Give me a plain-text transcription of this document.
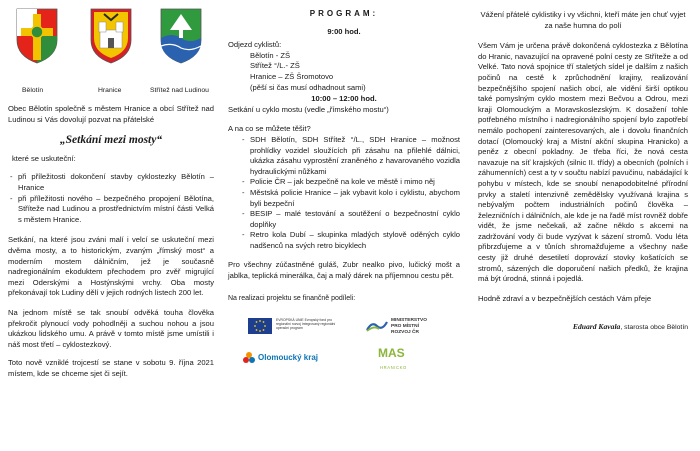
Bělotín	Hranice	Střítež nad Ludinou

Obec Bělotín společně s městem Hranice a obcí Střítež nad Ludinou si Vás dovolují pozvat na přátelské

„Setkání mezi mosty“

které se uskuteční:

- při příležitosti dokončení stavby cyklostezky Bělotín – Hranice
- při příležitosti nového – bezpečného propojení Bělotína, Stříteže nad Ludinou a prostřednictvím místní části Velká s městem Hranice.

Setkání, na které jsou zváni malí i velcí se uskuteční mezi dvěma mosty, a to historickým, zvaným „římský most“ a moderním mostem dálničním, jež je současně nadregionálním ekoduktem přechodem pro zvěř migrující mezi Oderskými a Hostýnskými vrchy. Oba mosty překonávají tok Ludiny dělí v jejich rodných listech 200 let.

Na jednom místě se tak snoubí odvěká touha člověka překročit plynoucí vody pohodlněji a suchou nohou a jsou ukázkou lidského umu. A právě v tomto místě jsme umístili i náš most třetí – cyklostezkový.

Toto nově vzniklé trojcestí se stane v sobotu 9. října 2021 místem, kde se chceme sjet či sejít.

PROGRAM:
9:00 hod.

Odjezd cyklistů:

Bělotín - ZŠ

Střítež °/L.- ZŠ

Hranice – ZŠ Šromotovo

(pěší si čas musí odhadnout sami)

10:00 – 12:00 hod.

Setkání u cyklo mostu (vedle „římského mostu“)

A na co se můžete těšit?

- SDH Bělotín, SDH Střítež °/L., SDH Hranice – možnost prohlídky vozidel sloužících při zásahu na přilehlé dálnici, ukázka zásahu vyprostění zraněného z havarovaného vozidla hydraulickými nůžkami
- Policie ČR – jak bezpečně na kole ve městě i mimo něj
- Městská policie Hranice – jak vybavit kolo i cyklistu, abychom byli bezpeční
- BESIP – malé testování a soutěžení o bezpečnostní cyklo doplňky
- Retro kola Dubí – skupinka mladých stylově oděných cyklo nadšenců na svých retro bicyklech

Pro všechny zúčastněné guláš, Zubr nealko pivo, lučický mošt a jablka, teplická minerálka, čaj a malý dárek na příjemnou cestu pět.

Na realizaci projektu se finančně podíleli:

EVROPSKÁ UNIE Evropský fond pro regionální rozvoj Integrovaný regionální operační program
MINISTERSTVO
PRO MÍSTNÍ
ROZVOJ ČR
Olomoucký kraj	MAS
HRANICKO

Vážení přátelé cyklistiky i vy všichni, kteří máte jen chuť vyjet za naše humna do polí

Všem Vám je určena právě dokončená cyklostezka z Bělotína do Hranic, navazující na opravené polní cesty ze Stříteže a od Velké. Tato nová spojnice tří staletých sídel je dalším z našich počinů na cestě k zprůchodnění krajiny, realizování bezpečnějšího spojení našich obcí, ale vidění širší optikou také pomyslným cyklo mostem mezi Bečvou a Odrou, mezi kraji Olomouckým a Moravskoslezským. K dosažení tohle potřebného místního i nadregionálního spojení bylo zapotřebí nemálo pochopení zainteresovaných, ale i dovolu finančních dotací (Olomoucký kraj a Místní akční skupina Hranicko) a peněz z obecní pokladny. Je třeba říci, že nová cesta navazuje na síť krajských (silnic II. třídy) a obecních (polních i záhumenních) cest a ty v součtu nabízí pavučinu, nabádající k pohybu v místech, kde se snoubí nenapodobitelné přírodní prvky a staletí intenzivně zemědělsky využívaná krajina s nebývalým počtem industriálních počinů člověka – železničních i dálničních, ale kde je na řadě míst rovněž dobře vidět, že jsme nečekali, až začne někdo s akcemi na zadržování vody či bude vyzývat k sázení stromů. Vodu léta přibrzďujeme a v tůních shromažďujeme a všechny naše cesty již druhé desetiletí doprovází stovky košatících se stromů, sázených dle doporučení našich předků, že krajina má být úrodná, stinná i pojedlá.

Hodně zdraví a v bezpečnějších cestách Vám přeje

Eduard Kavala, starosta obce Bělotín
